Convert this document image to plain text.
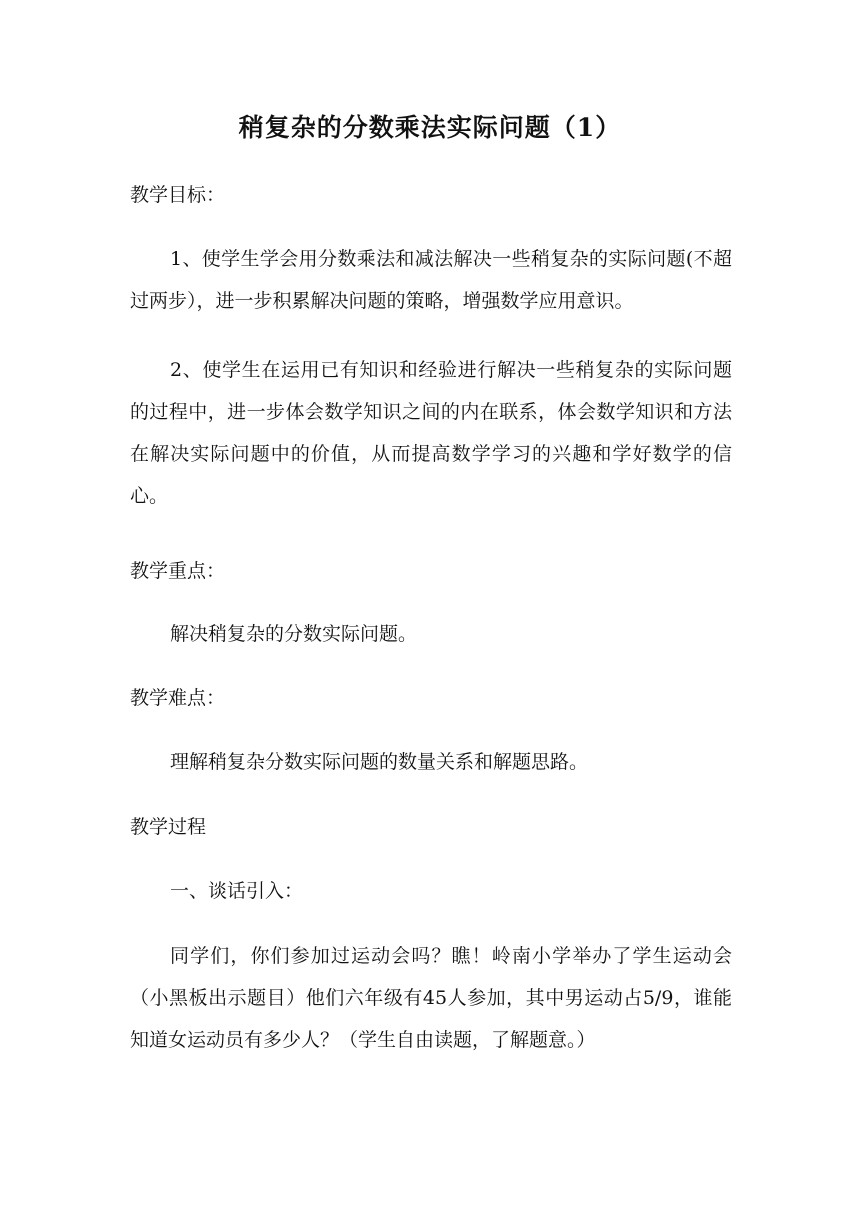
稍复杂的分数乘法实际问题（1）
教学目标：
1、使学生学会用分数乘法和减法解决一些稍复杂的实际问题(不超过两步），进一步积累解决问题的策略，增强数学应用意识。
2、使学生在运用已有知识和经验进行解决一些稍复杂的实际问题的过程中，进一步体会数学知识之间的内在联系，体会数学知识和方法在解决实际问题中的价值，从而提高数学学习的兴趣和学好数学的信心。
教学重点：
解决稍复杂的分数实际问题。
教学难点：
理解稍复杂分数实际问题的数量关系和解题思路。
教学过程
一、谈话引入：
同学们，你们参加过运动会吗？瞧！岭南小学举办了学生运动会（小黑板出示题目）他们六年级有45人参加，其中男运动占5/9，谁能知道女运动员有多少人？（学生自由读题，了解题意。）
